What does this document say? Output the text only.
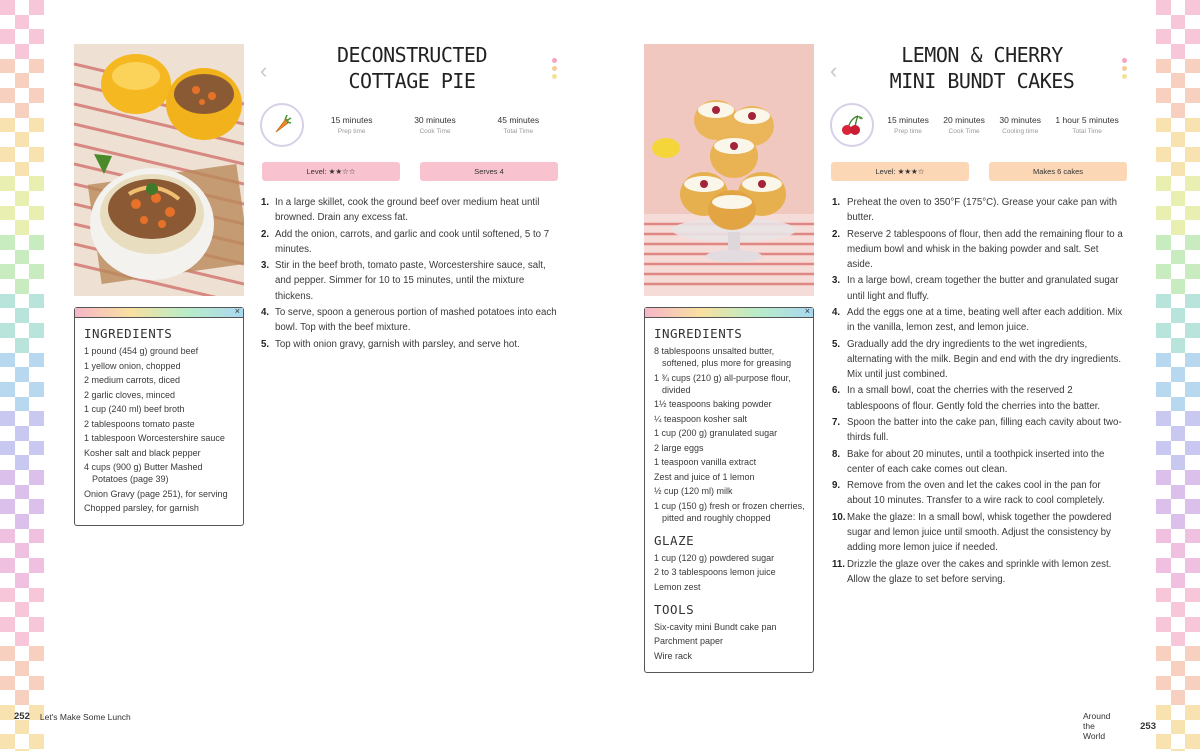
×
INGREDIENTS
1 pound (454 g) ground beef
1 yellow onion, chopped
2 medium carrots, diced
2 garlic cloves, minced
1 cup (240 ml) beef broth
2 tablespoons tomato paste
1 tablespoon Worcestershire sauce
Kosher salt and black pepper
4 cups (900 g) Butter Mashed Potatoes (page 39)
Onion Gravy (page 251), for serving
Chopped parsley, for garnish
‹
DECONSTRUCTED
COTTAGE PIE
15 minutes
Prep time
30 minutes
Cook Time
45 minutes
Total Time
Level: ★★☆☆	Serves 4
1. In a large skillet, cook the ground beef over medium heat until browned. Drain any excess fat.
2. Add the onion, carrots, and garlic and cook until softened, 5 to 7 minutes.
3. Stir in the beef broth, tomato paste, Worcestershire sauce, salt, and pepper. Simmer for 10 to 15 minutes, until the mixture thickens.
4. To serve, spoon a generous portion of mashed potatoes into each bowl. Top with the beef mixture.
5. Top with onion gravy, garnish with parsley, and serve hot.
252 Let's Make Some Lunch
×
INGREDIENTS
8 tablespoons unsalted butter, softened, plus more for greasing
1 ¾ cups (210 g) all-purpose flour, divided
1½ teaspoons baking powder
¼ teaspoon kosher salt
1 cup (200 g) granulated sugar
2 large eggs
1 teaspoon vanilla extract
Zest and juice of 1 lemon
½ cup (120 ml) milk
1 cup (150 g) fresh or frozen cherries, pitted and roughly chopped
GLAZE
1 cup (120 g) powdered sugar
2 to 3 tablespoons lemon juice
Lemon zest
TOOLS
Six-cavity mini Bundt cake pan
Parchment paper
Wire rack
‹
LEMON & CHERRY
MINI BUNDT CAKES
15 minutes
Prep time
20 minutes
Cook Time
30 minutes
Cooling time
1 hour 5 minutes
Total Time
Level: ★★★☆	Makes 6 cakes
1. Preheat the oven to 350°F (175°C). Grease your cake pan with butter.
2. Reserve 2 tablespoons of flour, then add the remaining flour to a medium bowl and whisk in the baking powder and salt. Set aside.
3. In a large bowl, cream together the butter and granulated sugar until light and fluffy.
4. Add the eggs one at a time, beating well after each addition. Mix in the vanilla, lemon zest, and lemon juice.
5. Gradually add the dry ingredients to the wet ingredients, alternating with the milk. Begin and end with the dry ingredients. Mix until just combined.
6. In a small bowl, coat the cherries with the reserved 2 tablespoons of flour. Gently fold the cherries into the batter.
7. Spoon the batter into the cake pan, filling each cavity about two-thirds full.
8. Bake for about 20 minutes, until a toothpick inserted into the center of each cake comes out clean.
9. Remove from the oven and let the cakes cool in the pan for about 10 minutes. Transfer to a wire rack to cool completely.
10. Make the glaze: In a small bowl, whisk together the powdered sugar and lemon juice until smooth. Adjust the consistency by adding more lemon juice if needed.
11. Drizzle the glaze over the cakes and sprinkle with lemon zest. Allow the glaze to set before serving.
Around the World
253
